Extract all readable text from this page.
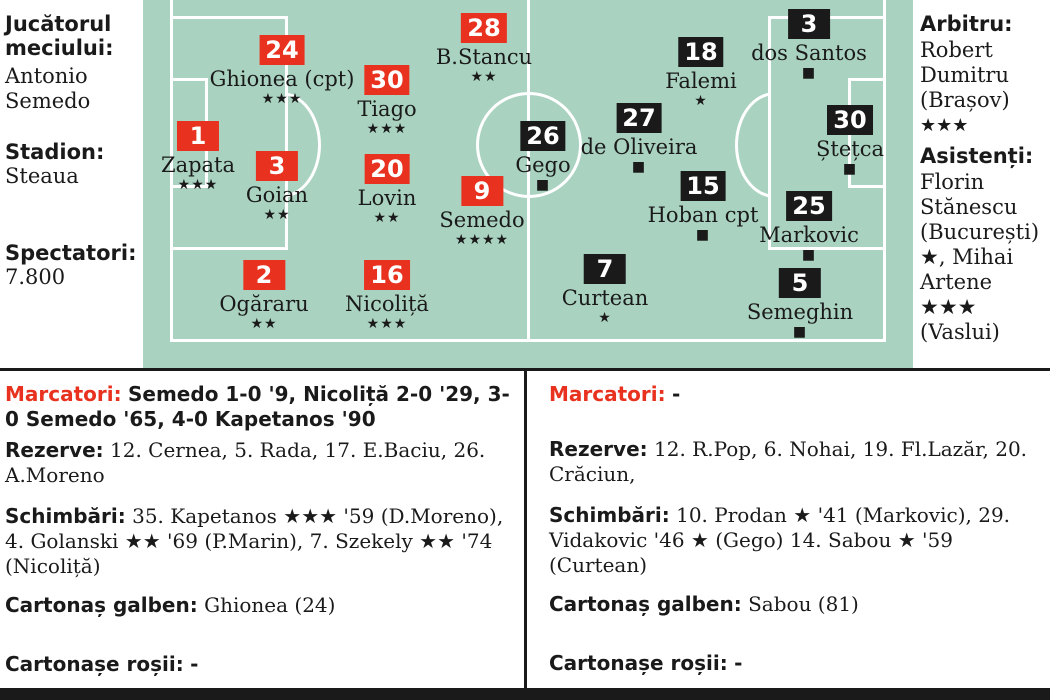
Jucătorul meciului:
Antonio Semedo
Stadion:
Steaua
Spectatori:
7.800
1
Zapata
★★★
24
Ghionea (cpt)
★★★
3
Goian
★★
2
Ogăraru
★★
30
Tiago
★★★
20
Lovin
★★
16
Nicoliță
★★★
28
B.Stancu
★★
9
Semedo
★★★★
3
dos Santos
■
18
Falemi
★
26
Gego
■
27
de Oliveira
■
15
Hoban cpt
■
30
Ștețca
■
25
Markovic
■
7
Curtean
★
5
Semeghin
■
Arbitru:
Robert Dumitru (Brașov)
★★★
Asistenți:
Florin Stănescu (București) ★, Mihai Artene ★★★ (Vaslui)
Marcatori: Semedo 1-0 '9, Nicoliță 2-0 '29, 3-0 Semedo '65, 4-0 Kapetanos '90
Rezerve: 12. Cernea, 5. Rada, 17. E.Baciu, 26. A.Moreno
Schimbări: 35. Kapetanos ★★★ '59 (D.Moreno), 4. Golanski ★★ '69 (P.Marin), 7. Szekely ★★ '74 (Nicoliță)
Cartonaș galben: Ghionea (24)
Cartonașe roșii: -
Marcatori: -
Rezerve: 12. R.Pop, 6. Nohai, 19. Fl.Lazăr, 20. Crăciun,
Schimbări: 10. Prodan ★ '41 (Markovic), 29. Vidakovic '46 ★ (Gego) 14. Sabou ★ '59 (Curtean)
Cartonaș galben: Sabou (81)
Cartonașe roșii: -
